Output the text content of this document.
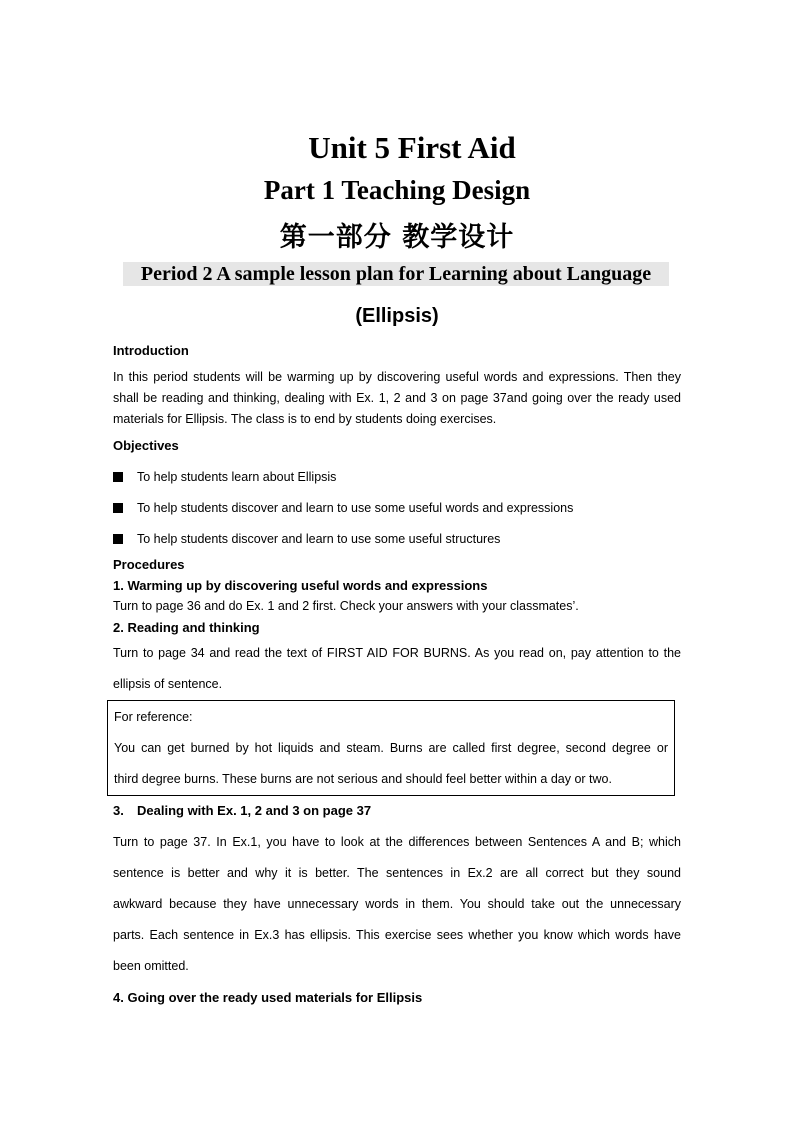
Unit 5 First Aid
Part 1 Teaching Design
第一部分 教学设计
Period 2 A sample lesson plan for Learning about Language
(Ellipsis)
Introduction
In this period students will be warming up by discovering useful words and expressions. Then they
shall be reading and thinking, dealing with Ex. 1, 2 and 3 on page 37and going over the ready used
materials for Ellipsis. The class is to end by students doing exercises.
Objectives
To help students learn about Ellipsis
To help students discover and learn to use some useful words and expressions
To help students discover and learn to use some useful structures
Procedures
1. Warming up by discovering useful words and expressions
Turn to page 36 and do Ex. 1 and 2 first. Check your answers with your classmates’.
2. Reading and thinking
Turn to page 34 and read the text of FIRST AID FOR BURNS. As you read on, pay attention to the
ellipsis of sentence.
For reference:
You can get burned by hot liquids and steam. Burns are called first degree, second degree or
third degree burns. These burns are not serious and should feel better within a day or two.
3. Dealing with Ex. 1, 2 and 3 on page 37
Turn to page 37. In Ex.1, you have to look at the differences between Sentences A and B; which
sentence is better and why it is better. The sentences in Ex.2 are all correct but they sound
awkward because they have unnecessary words in them. You should take out the unnecessary
parts. Each sentence in Ex.3 has ellipsis. This exercise sees whether you know which words have
been omitted.
4. Going over the ready used materials for Ellipsis
